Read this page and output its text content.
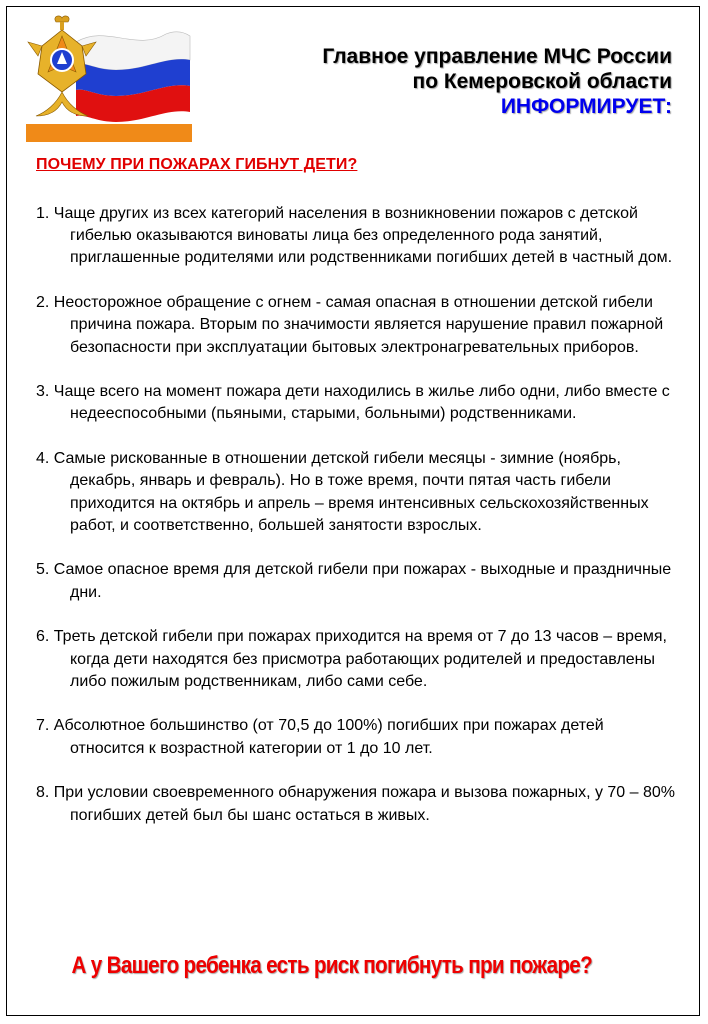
Главное управление МЧС России
по Кемеровской области
ИНФОРМИРУЕТ:
ПОЧЕМУ ПРИ ПОЖАРАХ ГИБНУТ ДЕТИ?
1. Чаще других из всех категорий населения в возникновении пожаров с детской гибелью оказываются виноваты лица без определенного рода занятий, приглашенные родителями или родственниками погибших детей в частный дом.
2. Неосторожное обращение с огнем - самая опасная в отношении детской гибели причина пожара. Вторым по значимости является нарушение правил пожарной безопасности при эксплуатации бытовых электронагревательных приборов.
3. Чаще всего на момент пожара дети находились в жилье либо одни, либо вместе с недееспособными (пьяными, старыми, больными) родственниками.
4. Самые рискованные в отношении детской гибели месяцы - зимние (ноябрь, декабрь, январь и февраль). Но в тоже время, почти пятая часть гибели приходится на октябрь и апрель – время интенсивных сельскохозяйственных работ, и соответственно, большей занятости взрослых.
5. Самое опасное время для детской гибели при пожарах - выходные и праздничные дни.
6. Треть детской гибели при пожарах приходится на время от 7 до 13 часов – время, когда дети находятся без присмотра работающих родителей и предоставлены либо пожилым родственникам, либо сами себе.
7. Абсолютное большинство (от 70,5 до 100%) погибших при пожарах детей относится к возрастной категории от 1 до 10 лет.
8. При условии своевременного обнаружения пожара и вызова пожарных, у 70 – 80% погибших детей был бы шанс остаться в живых.
А у Вашего ребенка есть риск погибнуть при пожаре?
